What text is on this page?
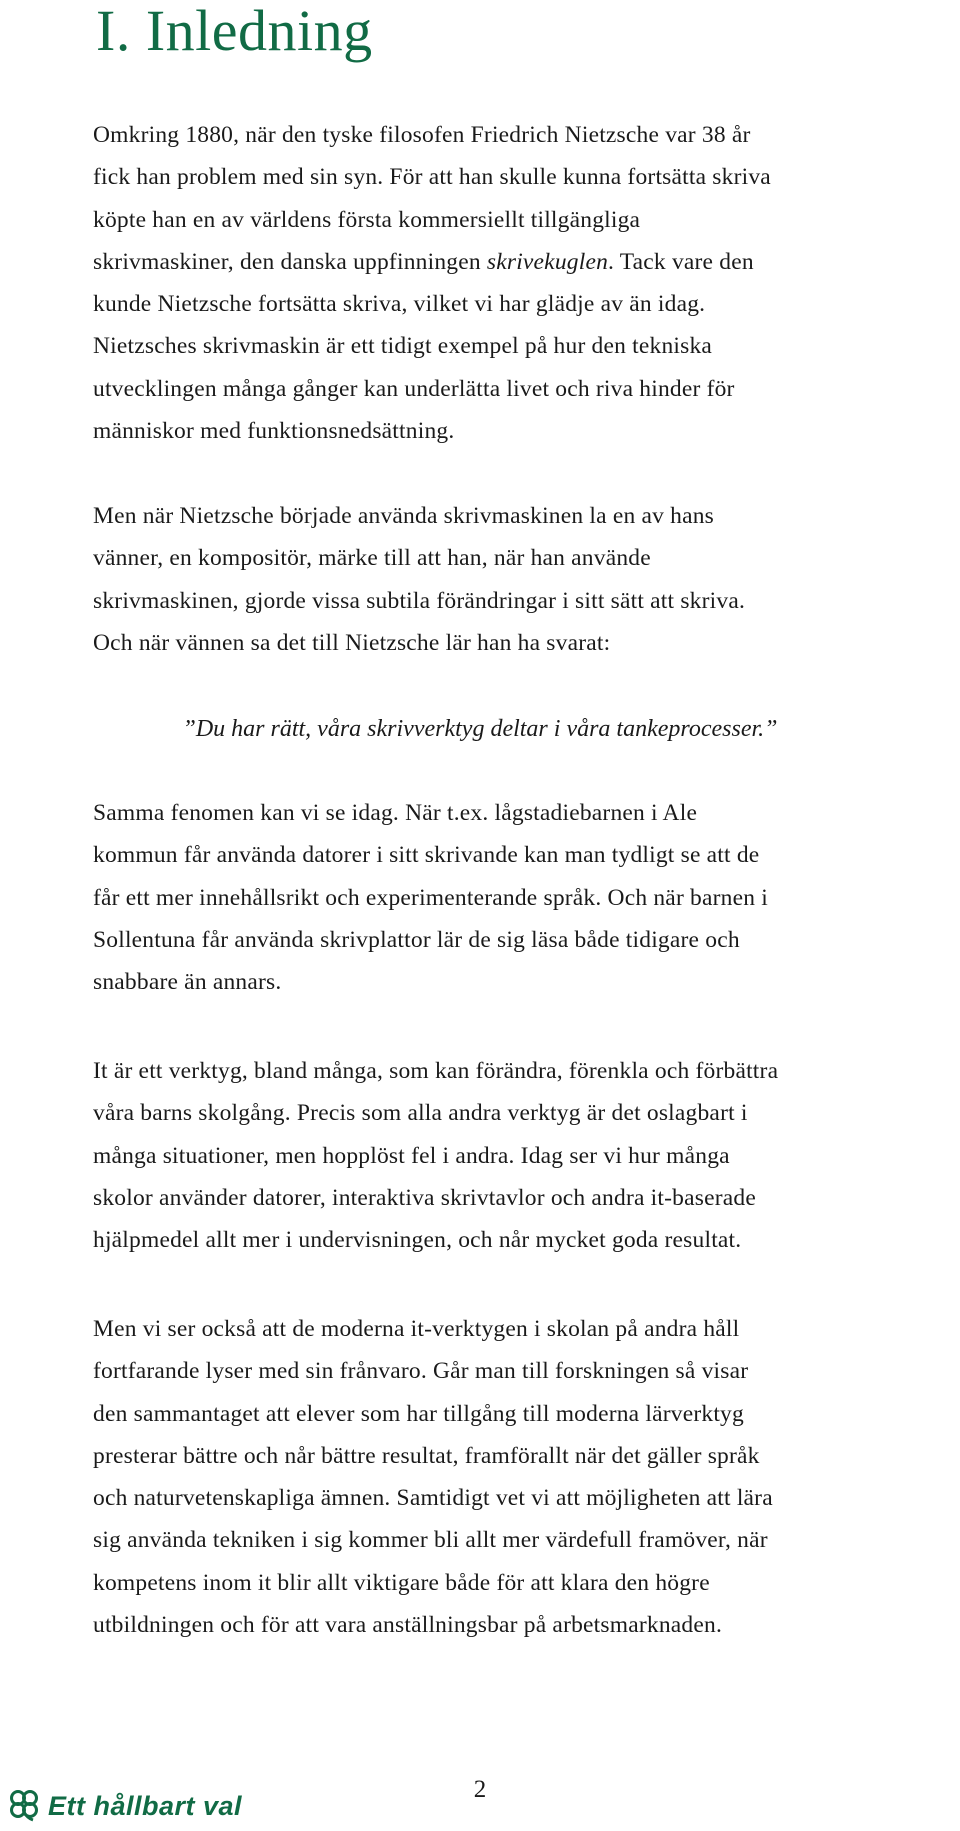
I. Inledning

Omkring 1880, när den tyske filosofen Friedrich Nietzsche var 38 år
fick han problem med sin syn. För att han skulle kunna fortsätta skriva
köpte han en av världens första kommersiellt tillgängliga
skrivmaskiner, den danska uppfinningen skrivekuglen. Tack vare den
kunde Nietzsche fortsätta skriva, vilket vi har glädje av än idag.
Nietzsches skrivmaskin är ett tidigt exempel på hur den tekniska
utvecklingen många gånger kan underlätta livet och riva hinder för
människor med funktionsnedsättning.

Men när Nietzsche började använda skrivmaskinen la en av hans
vänner, en kompositör, märke till att han, när han använde
skrivmaskinen, gjorde vissa subtila förändringar i sitt sätt att skriva.
Och när vännen sa det till Nietzsche lär han ha svarat:

”Du har rätt, våra skrivverktyg deltar i våra tankeprocesser.”

Samma fenomen kan vi se idag. När t.ex. lågstadiebarnen i Ale
kommun får använda datorer i sitt skrivande kan man tydligt se att de
får ett mer innehållsrikt och experimenterande språk. Och när barnen i
Sollentuna får använda skrivplattor lär de sig läsa både tidigare och
snabbare än annars.

It är ett verktyg, bland många, som kan förändra, förenkla och förbättra
våra barns skolgång. Precis som alla andra verktyg är det oslagbart i
många situationer, men hopplöst fel i andra. Idag ser vi hur många
skolor använder datorer, interaktiva skrivtavlor och andra it-baserade
hjälpmedel allt mer i undervisningen, och når mycket goda resultat.

Men vi ser också att de moderna it-verktygen i skolan på andra håll
fortfarande lyser med sin frånvaro. Går man till forskningen så visar
den sammantaget att elever som har tillgång till moderna lärverktyg
presterar bättre och når bättre resultat, framförallt när det gäller språk
och naturvetenskapliga ämnen. Samtidigt vet vi att möjligheten att lära
sig använda tekniken i sig kommer bli allt mer värdefull framöver, när
kompetens inom it blir allt viktigare både för att klara den högre
utbildningen och för att vara anställningsbar på arbetsmarknaden.

Ett hållbart val
2
